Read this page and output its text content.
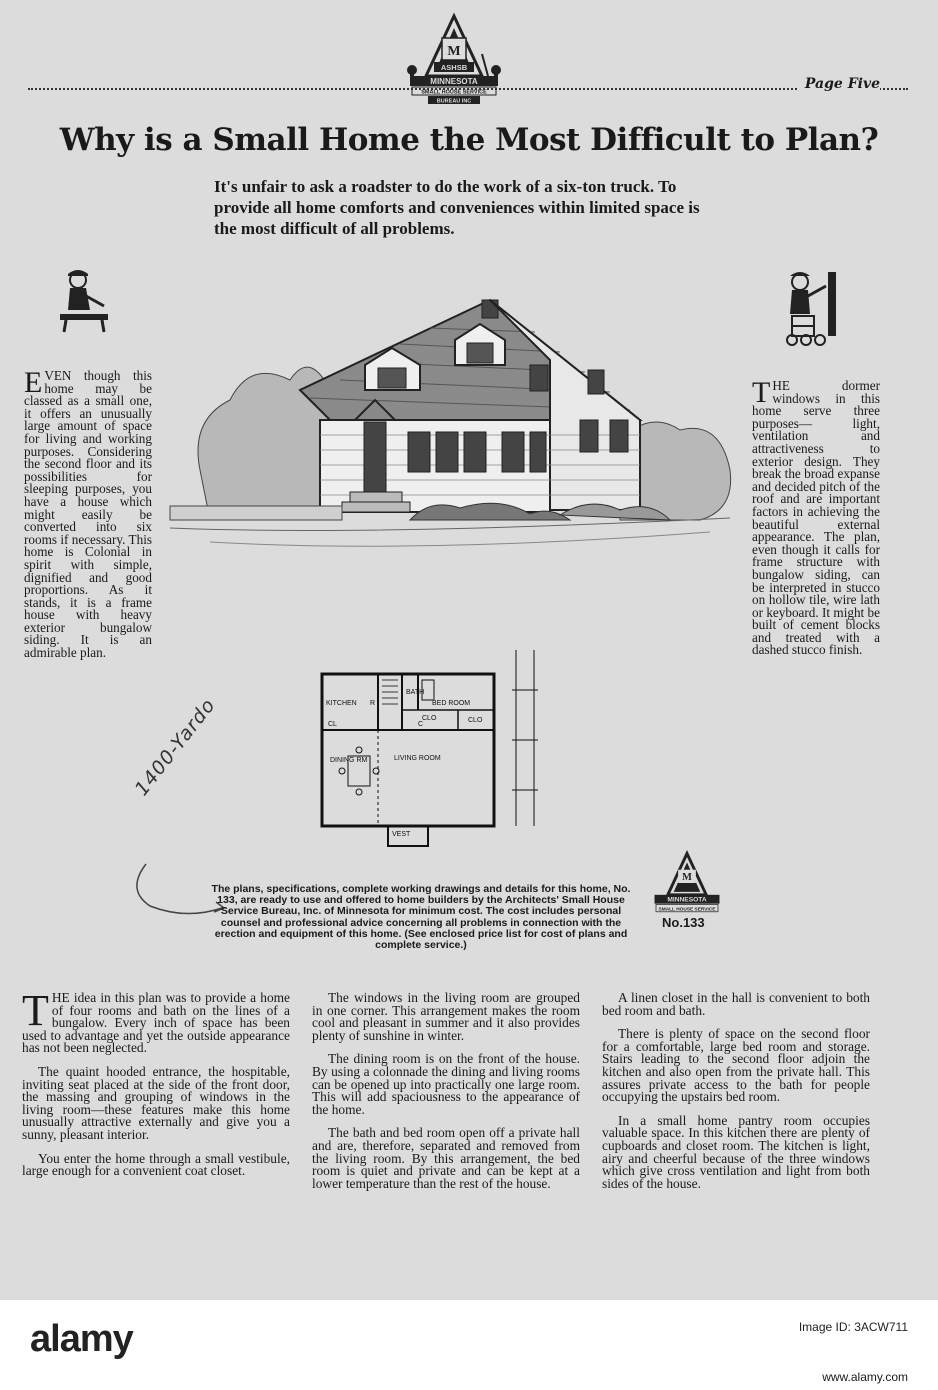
M
ASHSB
MINNESOTA
SMALL HOUSE SERVICE
BUREAU INC
Page Five
Why is a Small Home the Most Difficult to Plan?
It's unfair to ask a roadster to do the work of a six-ton truck. To provide all home comforts and conveniences within limited space is the most difficult of all problems.
EVEN though this home may be classed as a small one, it offers an unusually large amount of space for living and working purposes. Considering the second floor and its possibilities for sleeping purposes, you have a house which might easily be converted into six rooms if necessary. This home is Colonial in spirit with simple, dignified and good proportions. As it stands, it is a frame house with heavy exterior bungalow siding. It is an admirable plan.
THE dormer windows in this home serve three purposes— light, ventilation and attractiveness to exterior design. They break the broad expanse and decided pitch of the roof and are important factors in achieving the beautiful external appearance. The plan, even though it calls for frame structure with bungalow siding, can be interpreted in stucco on hollow tile, wire lath or keyboard. It might be built of cement blocks and treated with a dashed stucco finish.
KITCHEN R
BATH
BED ROOM
CLO
CL
DINING RM	LIVING ROOM
VEST
CLO
C
1400-Yardo
The plans, specifications, complete working drawings and details for this home, No. 133, are ready to use and offered to home builders by the Architects' Small House Service Bureau, Inc. of Minnesota for minimum cost. The cost includes personal counsel and professional advice concerning all problems in connection with the erection and equipment of this home. (See enclosed price list for cost of plans and complete service.)
M
MINNESOTA
SMALL HOUSE SERVICE
No.133

THE idea in this plan was to provide a home of four rooms and bath on the lines of a bungalow. Every inch of space has been used to advantage and yet the outside appearance has not been neglected.

The quaint hooded entrance, the hospitable, inviting seat placed at the side of the front door, the massing and grouping of windows in the living room—these features make this home unusually attractive externally and give you a sunny, pleasant interior.

You enter the home through a small vestibule, large enough for a convenient coat closet.

The windows in the living room are grouped in one corner. This arrangement makes the room cool and pleasant in summer and it also provides plenty of sunshine in winter.

The dining room is on the front of the house. By using a colonnade the dining and living rooms can be opened up into practically one large room. This will add spaciousness to the appearance of the home.

The bath and bed room open off a private hall and are, therefore, separated and removed from the living room. By this arrangement, the bed room is quiet and private and can be kept at a lower temperature than the rest of the house.

A linen closet in the hall is convenient to both bed room and bath.

There is plenty of space on the second floor for a comfortable, large bed room and storage. Stairs leading to the second floor adjoin the kitchen and also open from the private hall. This assures private access to the bath for people occupying the upstairs bed room.

In a small home pantry room occupies valuable space. In this kitchen there are plenty of cupboards and closet room. The kitchen is light, airy and cheerful because of the three windows which give cross ventilation and light from both sides of the house.

alamy	Image ID: 3ACW711
www.alamy.com
